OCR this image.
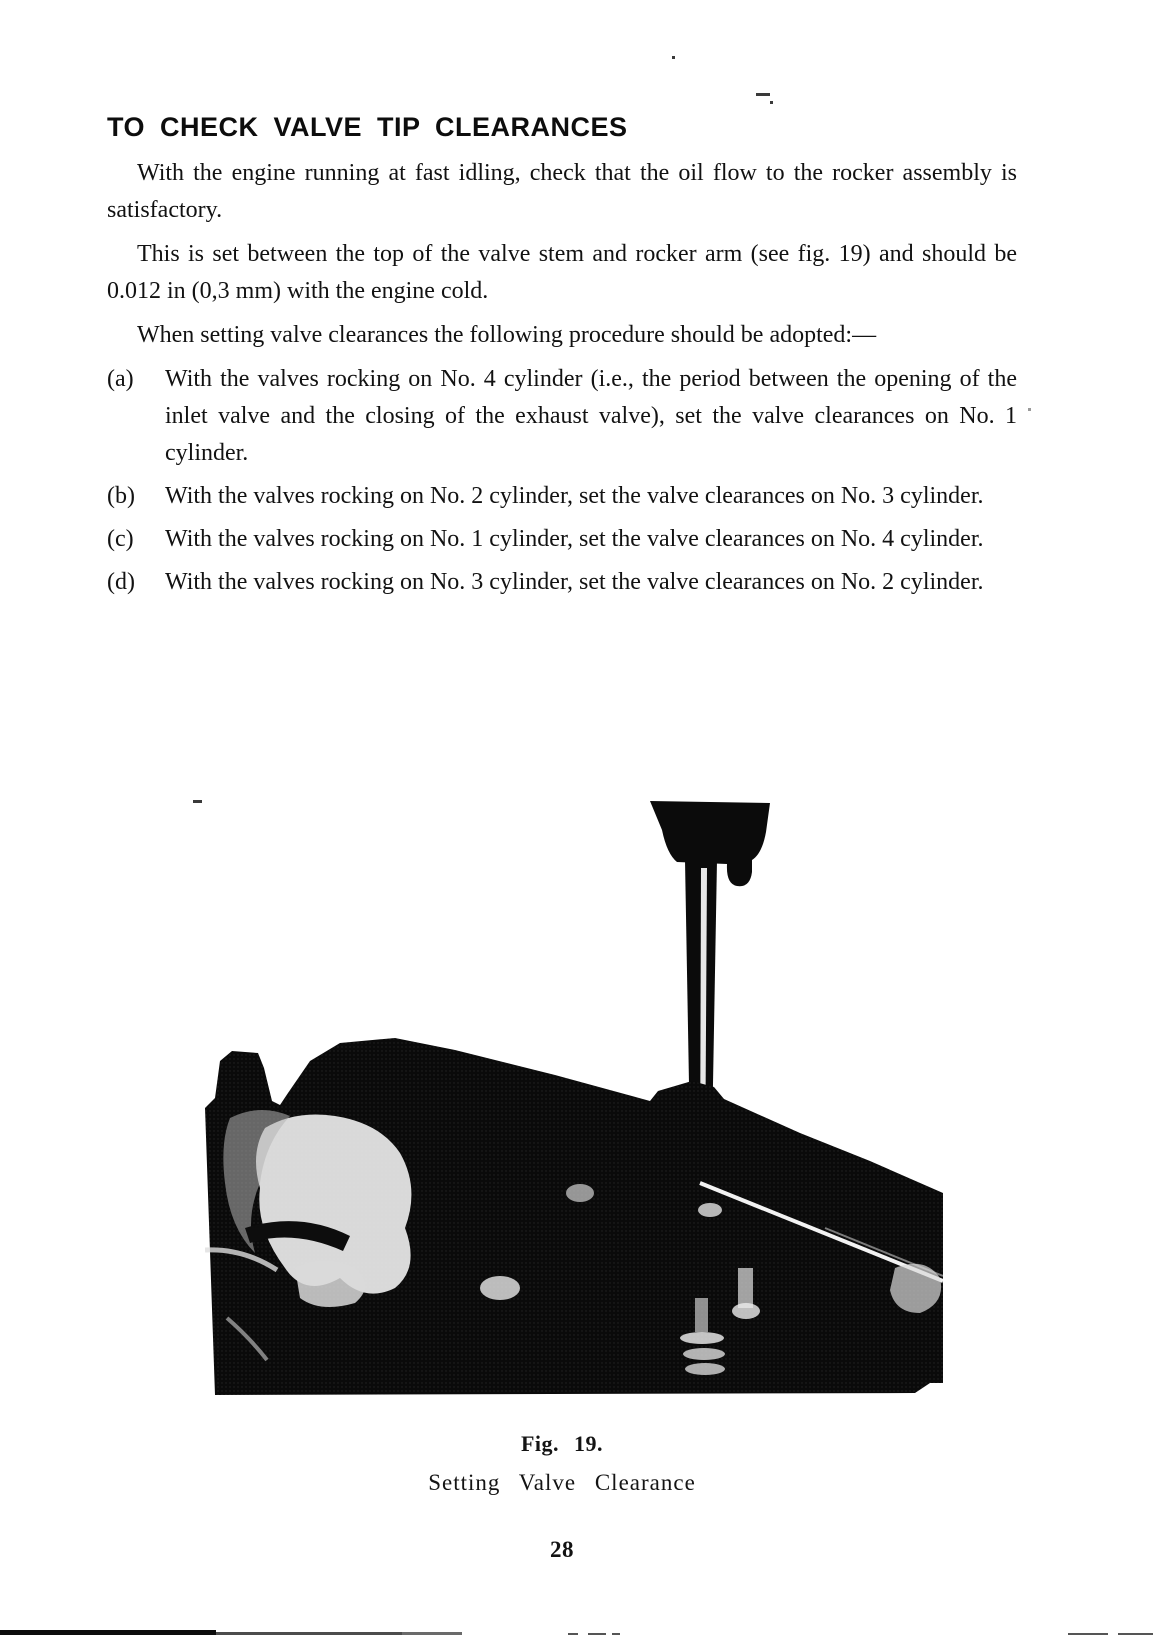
TO CHECK VALVE TIP CLEARANCES

With the engine running at fast idling, check that the oil flow to the rocker assembly is satisfactory.

This is set between the top of the valve stem and rocker arm (see fig. 19) and should be 0.012 in (0,3 mm) with the engine cold.

When setting valve clearances the following procedure should be adopted:—

(a)	With the valves rocking on No. 4 cylinder (i.e., the period between the opening of the inlet valve and the closing of the exhaust valve), set the valve clearances on No. 1 cylinder.
(b)	With the valves rocking on No. 2 cylinder, set the valve clearances on No. 3 cylinder.
(c)	With the valves rocking on No. 1 cylinder, set the valve clearances on No. 4 cylinder.
(d)	With the valves rocking on No. 3 cylinder, set the valve clearances on No. 2 cylinder.
Fig. 19.
Setting Valve Clearance
28
